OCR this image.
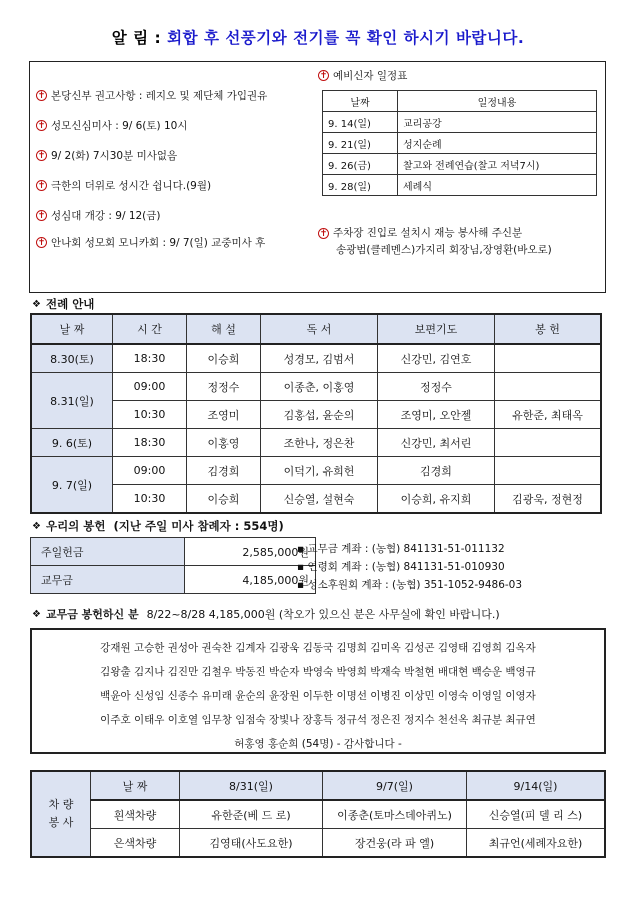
알 림 : 회합 후 선풍기와 전기를 꼭 확인 하시기 바랍니다.
✝ 본당신부 권고사항 : 레지오 및 제단체 가입권유
✝ 성모신심미사 : 9/ 6(토) 10시
✝ 9/ 2(화) 7시30분 미사없음
✝ 극한의 더위로 성시간 쉽니다.(9월)
✝ 성심대 개강 : 9/ 12(금)
✝ 안나회 성모회 모니카회 : 9/ 7(일) 교중미사 후
✝ 예비신자 일정표
날짜	일정내용
9. 14(일)	교리공강
9. 21(일)	성지순례
9. 26(금)	찰고와 전례연습(찰고 저녁7시)
9. 28(일)	세례식
✝ 주차장 진입로 설치시 재능 봉사해 주신분
송광범(클레멘스)가지리 회장님,장영환(바오로)
❖ 전례 안내
날 짜	시 간	해 설	독 서	보편기도	봉 헌
8.30(토)	18:30	이승희	성경모, 김범서	신강민, 김연호	
8.31(일)	09:00	정정수	이종춘, 이홍영	정정수	
	10:30	조영미	김홍섭, 윤순의	조영미, 오안젤	유한준, 최태옥
9. 6(토)	18:30	이홍영	조한나, 정은찬	신강민, 최서린	
9. 7(일)	09:00	김경희	이덕기, 유희헌	김경희	
	10:30	이승희	신승열, 설현숙	이승희, 유지희	김광욱, 정현정
❖ 우리의 봉헌 (지난 주일 미사 참례자 : 554명)
주일헌금	2,585,000원
교무금	4,185,000원
▪ 교무금 계좌 : (농협) 841131-51-011132
▪ 연령회 계좌 : (농협) 841131-51-010930
▪ 성소후원회 계좌 : (농협) 351-1052-9486-03
❖ 교무금 봉헌하신 분 8/22~8/28 4,185,000원 (착오가 있으신 분은 사무실에 확인 바랍니다.)
강재원 고승한 권성아 권숙찬 김계자 김광욱 김동국 김명희 김미옥 김성곤 김영태 김영희 김옥자
김왕출 김지나 김진만 김철우 박동진 박순자 박영숙 박영희 박재숙 박철현 배대현 백승운 백영규
백윤아 신성임 신종수 유미래 윤순의 윤장원 이두한 이명선 이병진 이상민 이영숙 이영일 이영자
이주호 이태우 이호열 임무창 임점숙 장빛나 장홍득 정규석 정은진 정지수 천선옥 최규분 최규연
허홍영 홍순희 (54명) - 감사합니다 -
차 량
봉 사	날 짜	8/31(일)	9/7(일)	9/14(일)
	흰색차량	유한준(베 드 로)	이종춘(토마스데아퀴노)	신승열(피 델 리 스)
	은색차량	김영태(사도요한)	장건웅(라 파 엘)	최규언(세례자요한)
